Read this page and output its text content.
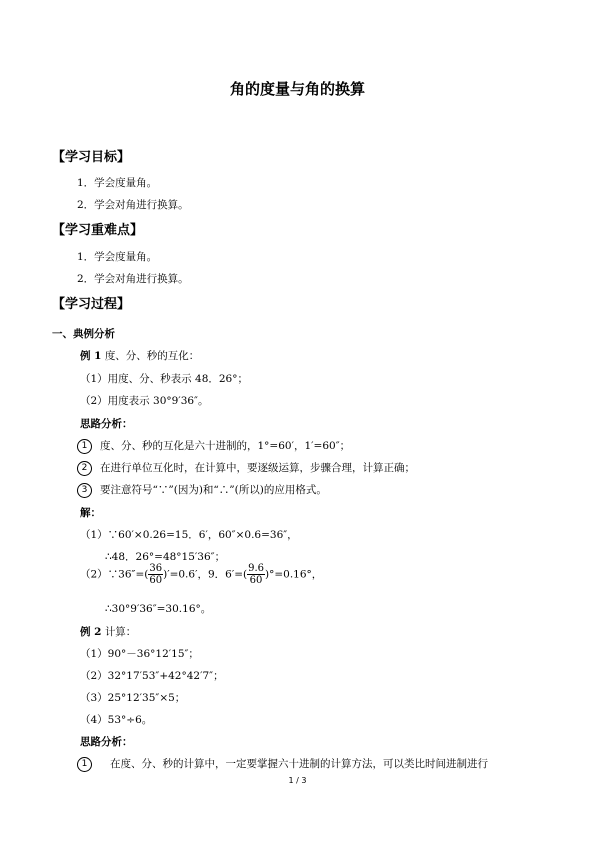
角的度量与角的换算
【学习目标】
1．学会度量角。
2．学会对角进行换算。
【学习重难点】
1．学会度量角。
2．学会对角进行换算。
【学习过程】
一、典例分析
例 1 度、分、秒的互化：
（1）用度、分、秒表示 48．26°；
（2）用度表示 30°9′36″。
思路分析：
1 度、分、秒的互化是六十进制的，1°=60′，1′=60″；
2 在进行单位互化时，在计算中，要逐级运算，步骤合理，计算正确；
3 要注意符号“∵”(因为)和“∴”(所以)的应用格式。
解：
（1）∵60′×0.26=15．6′，60″×0.6=36″，
∴48．26°=48°15′36″；
（2）∵36″=( $\frac{36}{60} )'=0.6'$，9．$6'=( \frac{9.6}{60} )^\circ=0.16^\circ$，
∴30°9′36″=30.16°。
例 2 计算：
（1）90°－36°12′15″；
（2）32°17′53″+42°42′7″；
（3）25°12′35″×5；
（4）53°÷6。
思路分析：
1 在度、分、秒的计算中，一定要掌握六十进制的计算方法，可以类比时间进制进行
1 / 3
